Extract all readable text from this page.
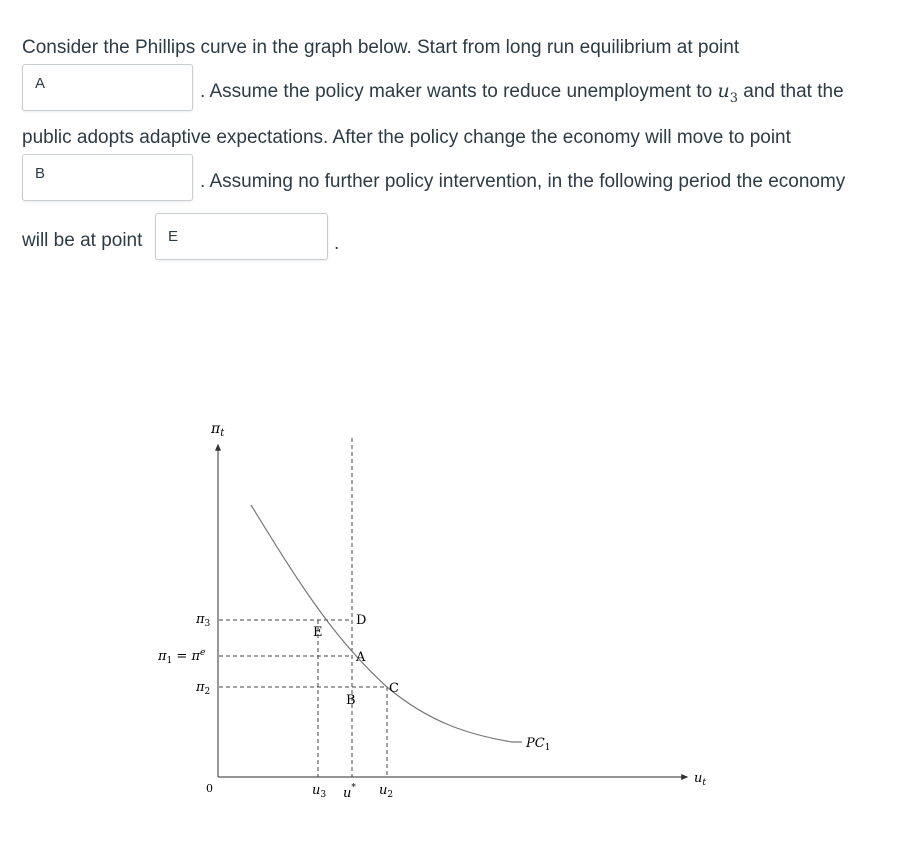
Consider the Phillips curve in the graph below. Start from long run equilibrium at point
A	. Assume the policy maker wants to reduce unemployment to $u_3$ and that the
public adopts adaptive expectations. After the policy change the economy will move to point
B	. Assuming no further policy intervention, in the following period the economy
will be at point	E	.
$\pi_t$
$u_t$
0
$\pi_3$
$\pi_1 = \pi^e$
$\pi_2$
$u_3$ u* $u_2$
D
E
A
C
B
$PC_1$
